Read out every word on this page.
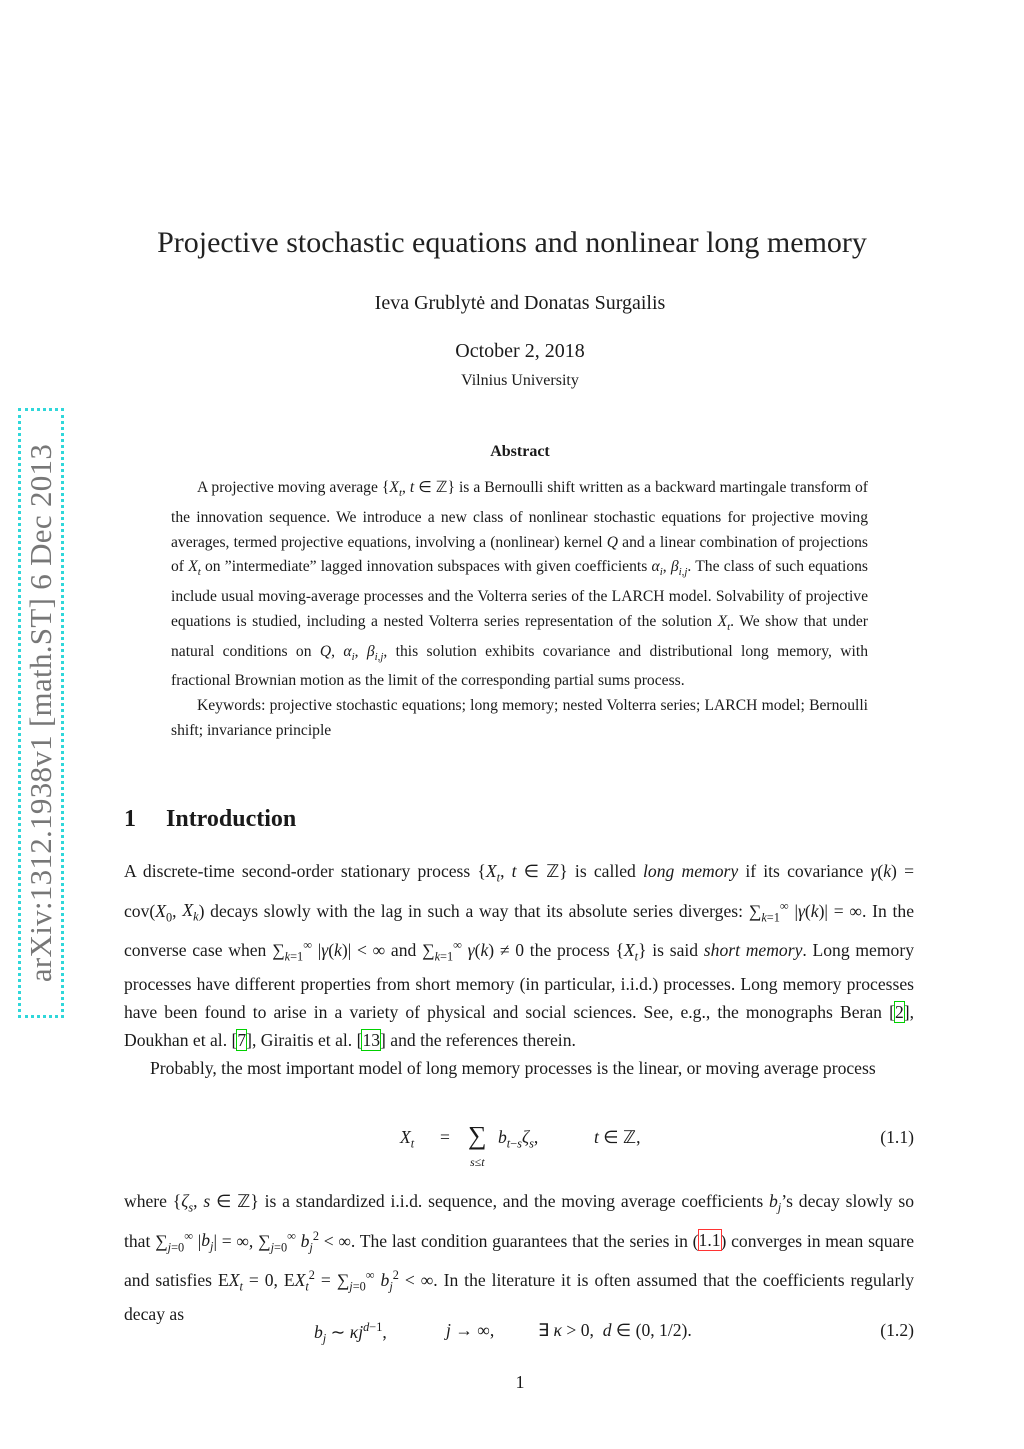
arXiv:1312.1938v1 [math.ST] 6 Dec 2013
Projective stochastic equations and nonlinear long memory
Ieva Grublytė and Donatas Surgailis
October 2, 2018
Vilnius University
Abstract

A projective moving average {$X_t$, t ∈ ℤ} is a Bernoulli shift written as a backward martingale transform of the innovation sequence. We introduce a new class of nonlinear stochastic equations for projective moving averages, termed projective equations, involving a (nonlinear) kernel Q and a linear combination of projections of $X_t$ on ”intermediate” lagged innovation subspaces with given coefficients $\alpha_i$, $\beta_{i,j}$. The class of such equations include usual moving-average processes and the Volterra series of the LARCH model. Solvability of projective equations is studied, including a nested Volterra series representation of the solution $X_t$. We show that under natural conditions on Q, $\alpha_i$, $\beta_{i,j}$, this solution exhibits covariance and distributional long memory, with fractional Brownian motion as the limit of the corresponding partial sums process.

Keywords: projective stochastic equations; long memory; nested Volterra series; LARCH model; Bernoulli shift; invariance principle

1 Introduction

A discrete-time second-order stationary process {$X_t$, t ∈ ℤ} is called long memory if its covariance $\gamma(k) = cov(X_0$, $X_k$) decays slowly with the lag in such a way that its absolute series diverges: $\sum_{k=1}^\infty$ |γ(k)| = ∞. In the converse case when $\sum_{k=1}^\infty$ |γ(k)| < ∞ and $\sum_{k=1}^\infty$ γ(k) ≠ 0 the process $\{X_t\}$ is said short memory. Long memory processes have different properties from short memory (in particular, i.i.d.) processes. Long memory processes have been found to arise in a variety of physical and social sciences. See, e.g., the monographs Beran [2], Doukhan et al. [7], Giraitis et al. [13] and the references therein.

Probably, the most important model of long memory processes is the linear, or moving average process

$X_t$ = ∑
s≤t
$b_{t-s}\zeta_s$,	t ∈ ℤ,	(1.1)

where {$\zeta_s$, s ∈ ℤ} is a standardized i.i.d. sequence, and the moving average coefficients $b_j’s$ decay slowly so that $\sum_{j=0}^\infty$ $|b_j|$ = ∞, $\sum_{j=0}^\infty$ $b_j^2$ < ∞. The last condition guarantees that the series in (1.1) converges in mean square and satisfies $EX_t = 0$, $EX_t^2 = \sum_{j=0}^\infty$ $b_j^2$ < ∞. In the literature it is often assumed that the coefficients regularly decay as

$b_j$ ∼ $\kappa j^{d-1}$,	j → ∞, ∃ κ > 0,  d ∈ (0, 1/2).	(1.2)
1
